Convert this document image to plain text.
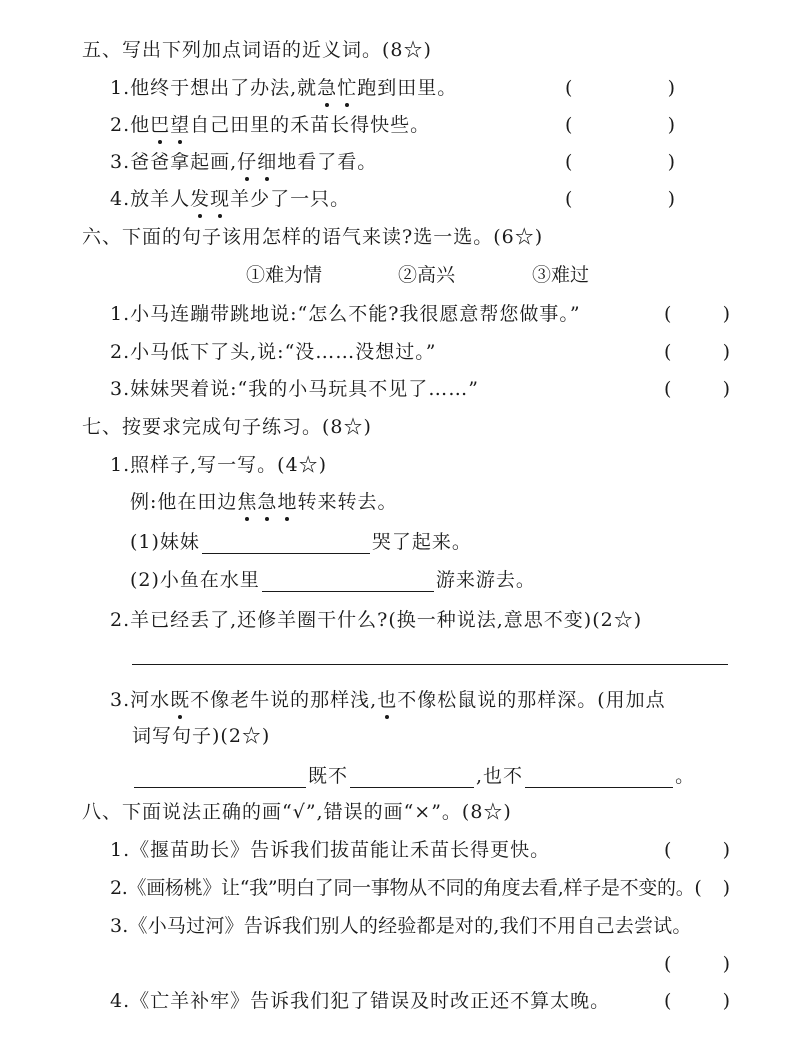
五、写出下列加点词语的近义词。(8☆)
1.他终于想出了办法,就急忙跑到田里。	(	)
2.他巴望自己田里的禾苗长得快些。	(	)
3.爸爸拿起画,仔细地看了看。	(	)
4.放羊人发现羊少了一只。	(	)
六、下面的句子该用怎样的语气来读?选一选。(6☆)
①难为情	②高兴	③难过
1.小马连蹦带跳地说:“怎么不能?我很愿意帮您做事。”	(	)
2.小马低下了头,说:“没……没想过。”	(	)
3.妹妹哭着说:“我的小马玩具不见了……”	(	)
七、按要求完成句子练习。(8☆)
1.照样子,写一写。(4☆)
例:他在田边焦急地转来转去。
(1)妹妹	哭了起来。
(2)小鱼在水里	游来游去。
2.羊已经丢了,还修羊圈干什么?(换一种说法,意思不变)(2☆)
3.河水既不像老牛说的那样浅,也不像松鼠说的那样深。(用加点
词写句子)(2☆)
既不	,也不	。
八、下面说法正确的画“√”,错误的画“×”。(8☆)
1.《揠苗助长》告诉我们拔苗能让禾苗长得更快。	(	)
2.《画杨桃》让“我”明白了同一事物从不同的角度去看,样子是不变的。( )
3.《小马过河》告诉我们别人的经验都是对的,我们不用自己去尝试。
(	)
4.《亡羊补牢》告诉我们犯了错误及时改正还不算太晚。	(	)
